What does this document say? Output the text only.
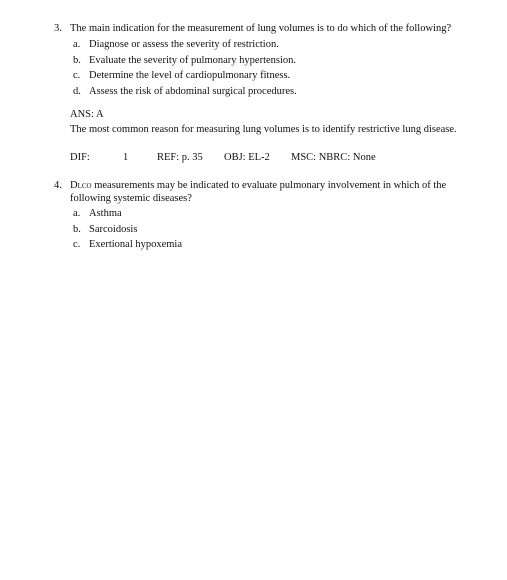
3. The main indication for the measurement of lung volumes is to do which of the following?
a. Diagnose or assess the severity of restriction.
b. Evaluate the severity of pulmonary hypertension.
c. Determine the level of cardiopulmonary fitness.
d. Assess the risk of abdominal surgical procedures.
ANS: A
The most common reason for measuring lung volumes is to identify restrictive lung disease.
DIF:	1	REF: p. 35 OBJ: EL-2 MSC: NBRC: None
4. Dlco measurements may be indicated to evaluate pulmonary involvement in which of the
following systemic diseases?
a. Asthma
b. Sarcoidosis
c. Exertional hypoxemia
